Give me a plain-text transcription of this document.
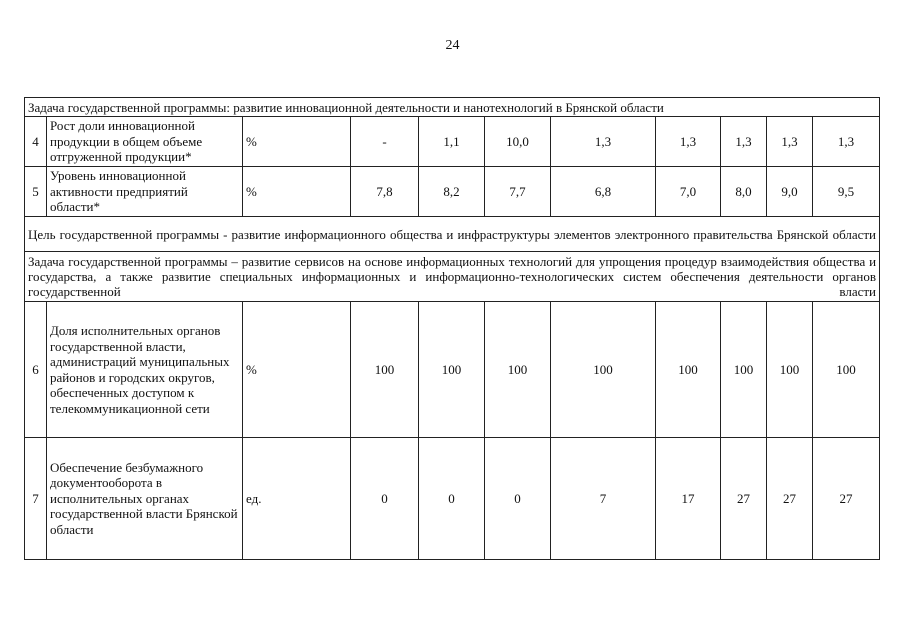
24
Задача государственной программы: развитие инновационной деятельности и нанотехнологий в Брянской области										
4	Рост доли инновационной продукции в общем объеме отгруженной продукции*	%	-	1,1	10,0	1,3	1,3	1,3	1,3	1,3
5	Уровень инновационной активности предприятий области*	%	7,8	8,2	7,7	6,8	7,0	8,0	9,0	9,5
Цель государственной программы - развитие информационного общества и инфраструктуры элементов электронного правительства Брянской области										
Задача государственной программы – развитие сервисов на основе информационных технологий для упрощения процедур взаимодействия общества и государства, а также развитие специальных информационных и информационно-технологических систем обеспечения деятельности органов государственной власти										
6	Доля исполнительных органов государственной власти, администраций муниципальных районов и городских округов, обеспеченных доступом к телекоммуникационной сети	%	100	100	100	100	100	100	100	100
7	Обеспечение безбумажного документооборота в исполнительных органах государственной власти Брянской области	ед.	0	0	0	7	17	27	27	27
